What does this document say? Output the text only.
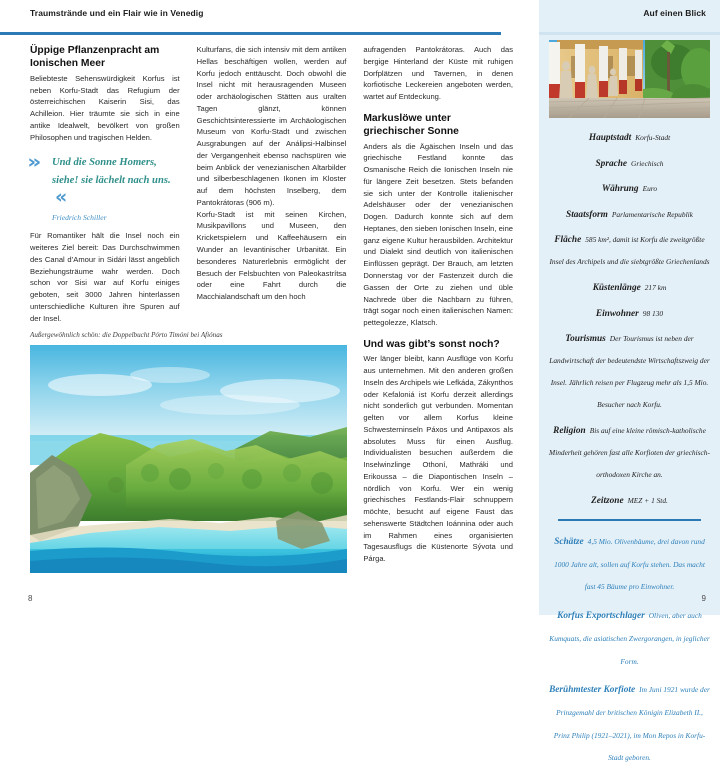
Traumstrände und ein Flair wie in Venedig
Üppige Pflanzenpracht am Ionischen Meer

Beliebteste Sehenswürdigkeit Korfus ist neben Korfu-Stadt das Refugium der österreichischen Kaiserin Sisi, das Achilleion. Hier träumte sie sich in eine antike Idealwelt, bevölkert von großen Philosophen und tragischen Helden.

» Und die Sonne Homers, siehe! sie lächelt nach uns.«
Friedrich Schiller

Für Romantiker hält die Insel noch ein weiteres Ziel bereit: Das Durchschwimmen des Canal d’Amour in Sidári lässt angeblich Beziehungsträume wahr werden. Doch schon vor Sisi war auf Korfu einiges geboten, seit 3000 Jahren hinterlassen unterschiedliche Kulturen ihre Spuren auf der Insel.

Kulturfans, die sich intensiv mit dem antiken Hellas beschäftigen wollen, werden auf Korfu jedoch enttäuscht. Doch obwohl die Insel nicht mit herausragenden Museen oder archäologischen Stätten aus uralten Tagen glänzt, können Geschichtsinteressierte im Archäologischen Museum von Korfu-Stadt und zwischen Ausgrabungen auf der Análipsi-Halbinsel der Vergangenheit ebenso nachspüren wie beim Anblick der venezianischen Altarbilder und silberbeschlagenen Ikonen im Kloster auf dem höchsten Inselberg, dem Pantokrátoras (906 m).

Korfu-Stadt ist mit seinen Kirchen, Musikpavillons und Museen, den Kricketspielern und Kaffeehäusern ein Wunder an levantinischer Urbanität. Ein besonderes Naturerlebnis ermöglicht der Besuch der Felsbuchten von Paleokastrítsa oder eine Fahrt durch die Macchialandschaft um den hoch

aufragenden Pantokrátoras. Auch das bergige Hinterland der Küste mit ruhigen Dorfplätzen und Tavernen, in denen korfiotische Leckereien angeboten werden, wartet auf Entdeckung.

Markuslöwe unter griechischer Sonne

Anders als die Ägäischen Inseln und das griechische Festland konnte das Osmanische Reich die Ionischen Inseln nie für längere Zeit besetzen. Stets befanden sie sich unter der Kontrolle italienischer Adelshäuser oder der venezianischen Dogen. Dadurch konnte sich auf dem Heptanes, den sieben Ionischen Inseln, eine ganz eigene Kultur herausbilden. Architektur und Dialekt sind deutlich von italienischen Einflüssen geprägt. Der Brauch, am letzten Donnerstag vor der Fastenzeit durch die Gassen der Orte zu ziehen und üble Nachrede über die Nachbarn zu führen, trägt sogar noch einen italienischen Namen: pettegolezze, Klatsch.

Und was gibt’s sonst noch?

Wer länger bleibt, kann Ausflüge von Korfu aus unternehmen. Mit den anderen großen Inseln des Archipels wie Lefkáda, Zákynthos oder Kefaloniá ist Korfu derzeit allerdings nicht sonderlich gut verbunden. Momentan gelten vor allem Korfus kleine Schwesterninseln Páxos und Antipaxos als absolutes Muss für einen Ausflug. Individualisten besuchen außerdem die Inselwinzlinge Othoní, Mathráki und Erikoussa – die Diapontischen Inseln – nördlich von Korfu. Wer ein wenig griechisches Festlands-Flair schnuppern möchte, besucht auf eigene Faust das sehenswerte Städtchen Ioánnina oder auch im Rahmen eines organisierten Tagesausflugs die Küstenorte Sývota und Párga.

Außergewöhnlich schön: die Doppelbucht Pórto Timóni bei Afiónas

8
Auf einen Blick
Hauptstadt Korfu-Stadt
Sprache Griechisch
Währung Euro
Staatsform Parlamentarische Republik
Fläche 585 km², damit ist Korfu die zweitgrößte Insel des Archipels und die siebtgrößte Griechenlands
Küstenlänge 217 km
Einwohner 98 130
Tourismus Der Tourismus ist neben der Landwirtschaft der bedeutendste Wirtschaftszweig der Insel. Jährlich reisen per Flugzeug mehr als 1,5 Mio. Besucher nach Korfu.
Religion Bis auf eine kleine römisch-katholische Minderheit gehören fast alle Korfioten der griechisch-orthodoxen Kirche an.
Zeitzone MEZ + 1 Std.
Schätze 4,5 Mio. Olivenbäume, drei davon rund 1000 Jahre alt, sollen auf Korfu stehen. Das macht fast 45 Bäume pro Einwohner.
Korfus Exportschlager Oliven, aber auch Kumquats, die asiatischen Zwergorangen, in jeglicher Form.
Berühmtester Korfiote Im Juni 1921 wurde der Prinzgemahl der britischen Königin Elizabeth II., Prinz Philip (1921–2021), im Mon Repos in Korfu-Stadt geboren.
9
